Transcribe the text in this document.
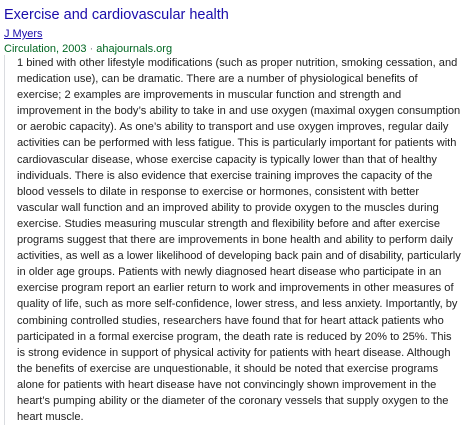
Exercise and cardiovascular health
J Myers
Circulation, 2003 · ahajournals.org

1 bined with other lifestyle modifications (such as proper nutrition, smoking cessation, and medication use), can be dramatic. There are a number of physiological benefits of exercise; 2 examples are improvements in muscular function and strength and improvement in the body’s ability to take in and use oxygen (maximal oxygen consumption or aerobic capacity). As one’s ability to transport and use oxygen improves, regular daily activities can be performed with less fatigue. This is particularly important for patients with cardiovascular disease, whose exercise capacity is typically lower than that of healthy individuals. There is also evidence that exercise training improves the capacity of the blood vessels to dilate in response to exercise or hormones, consistent with better vascular wall function and an improved ability to provide oxygen to the muscles during exercise. Studies measuring muscular strength and flexibility before and after exercise programs suggest that there are improvements in bone health and ability to perform daily activities, as well as a lower likelihood of developing back pain and of disability, particularly in older age groups. Patients with newly diagnosed heart disease who participate in an exercise program report an earlier return to work and improvements in other measures of quality of life, such as more self-confidence, lower stress, and less anxiety. Importantly, by combining controlled studies, researchers have found that for heart attack patients who participated in a formal exercise program, the death rate is reduced by 20% to 25%. This is strong evidence in support of physical activity for patients with heart disease. Although the benefits of exercise are unquestionable, it should be noted that exercise programs alone for patients with heart disease have not convincingly shown improvement in the heart’s pumping ability or the diameter of the coronary vessels that supply oxygen to the heart muscle.
